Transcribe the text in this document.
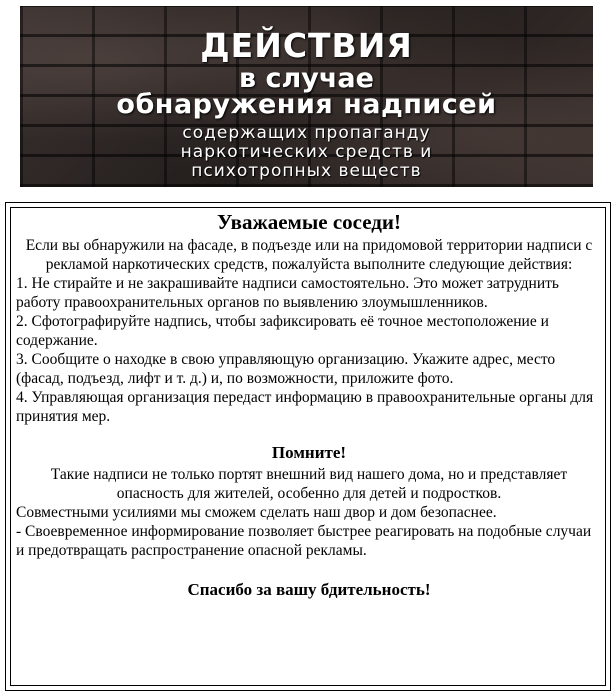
ДЕЙСТВИЯ
в случае
обнаружения надписей
содержащих пропаганду
наркотических средств и
психотропных веществ
Уважаемые соседи!

Если вы обнаружили на фасаде, в подъезде или на придомовой территории надписи с рекламой наркотических средств, пожалуйста выполните следующие действия:

1. Не стирайте и не закрашивайте надписи самостоятельно. Это может затруднить работу правоохранительных органов по выявлению злоумышленников.

2. Сфотографируйте надпись, чтобы зафиксировать её точное местоположение и содержание.

3. Сообщите о находке в свою управляющую организацию. Укажите адрес, место (фасад, подъезд, лифт и т. д.) и, по возможности, приложите фото.

4. Управляющая организация передаст информацию в правоохранительные органы для принятия мер.

Помните!

Такие надписи не только портят внешний вид нашего дома, но и представляет опасность для жителей, особенно для детей и подростков.

Совместными усилиями мы сможем сделать наш двор и дом безопаснее.

- Своевременное информирование позволяет быстрее реагировать на подобные случаи и предотвращать распространение опасной рекламы.

Спасибо за вашу бдительность!
